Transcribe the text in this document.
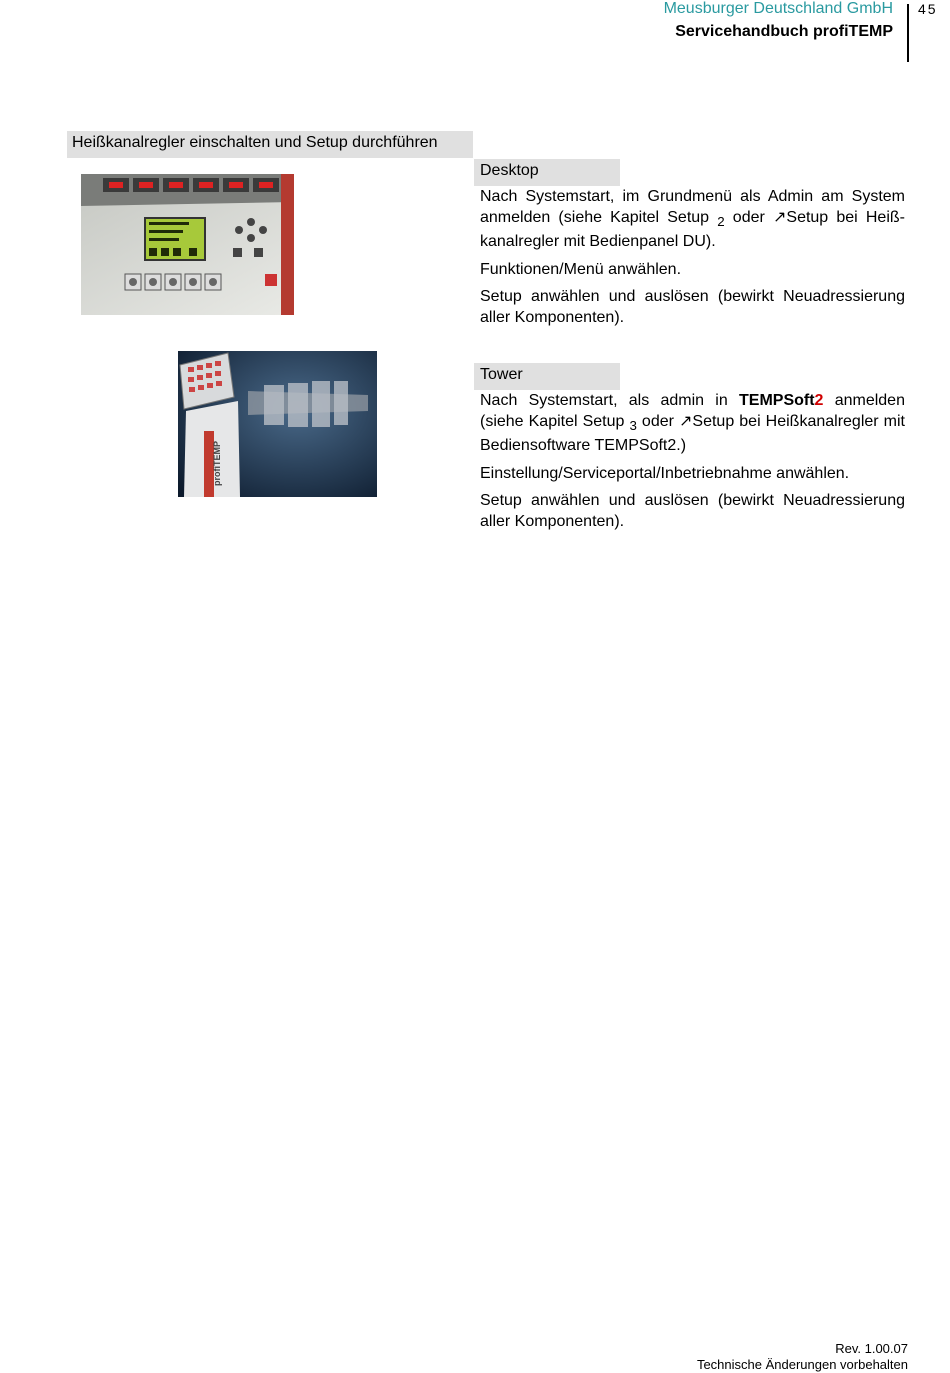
Meusburger Deutschland GmbH
Servicehandbuch profiTEMP
45
Heißkanalregler einschalten und Setup durchführen
Desktop

Nach Systemstart, im Grundmenü als Admin am System anmelden (siehe Kapitel Setup $_2$ oder ↗Setup bei Heiß-kanalregler mit Bedienpanel DU).

Funktionen/Menü anwählen.

Setup anwählen und auslösen (bewirkt Neuadressierung aller Komponenten).

profiTEMP
Tower

Nach Systemstart, als admin in TEMPSoft2 anmelden (siehe Kapitel Setup $_3$ oder ↗Setup bei Heißkanalregler mit Bediensoftware TEMPSoft2.)

Einstellung/Serviceportal/Inbetriebnahme anwählen.

Setup anwählen und auslösen (bewirkt Neuadressierung aller Komponenten).

Rev. 1.00.07
Technische Änderungen vorbehalten
